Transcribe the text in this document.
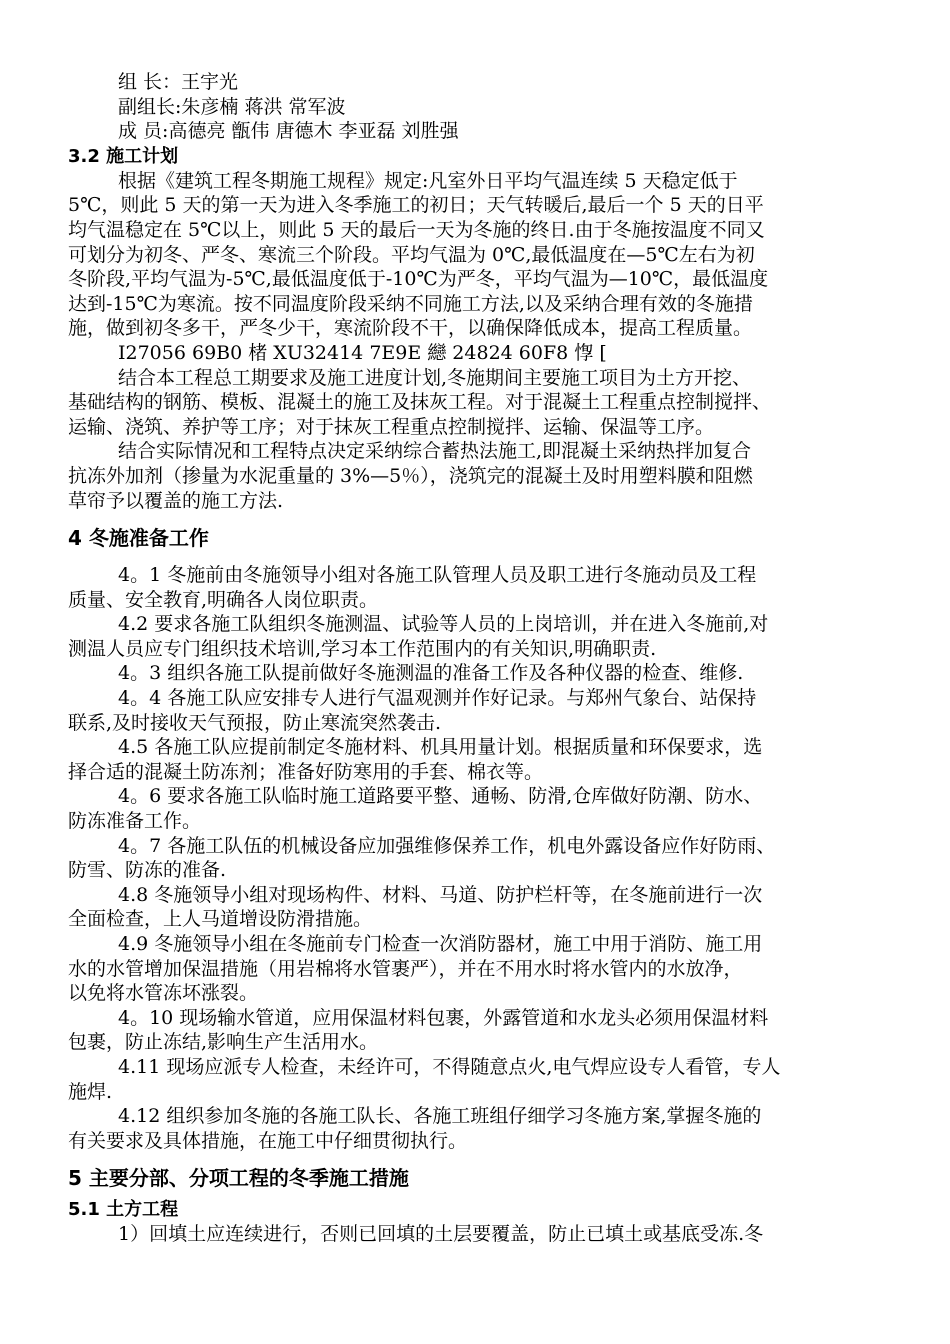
组 长：王宇光
副组长:朱彦楠 蒋洪 常军波
成 员:高德亮 甑伟 唐德木 李亚磊 刘胜强
3.2 施工计划
根据《建筑工程冬期施工规程》规定:凡室外日平均气温连续 5 天稳定低于
5℃，则此 5 天的第一天为进入冬季施工的初日；天气转暖后,最后一个 5 天的日平
均气温稳定在 5℃以上，则此 5 天的最后一天为冬施的终日.由于冬施按温度不同又
可划分为初冬、严冬、寒流三个阶段。平均气温为 0℃,最低温度在—5℃左右为初
冬阶段,平均气温为-5℃,最低温度低于-10℃为严冬，平均气温为—10℃，最低温度
达到-15℃为寒流。按不同温度阶段采纳不同施工方法,以及采纳合理有效的冬施措
施，做到初冬多干，严冬少干，寒流阶段不干，以确保降低成本，提高工程质量。
I27056 69B0 楮 XU32414 7E9E 纞 24824 60F8 惸 [
结合本工程总工期要求及施工进度计划,冬施期间主要施工项目为土方开挖、
基础结构的钢筋、模板、混凝土的施工及抹灰工程。对于混凝土工程重点控制搅拌、
运输、浇筑、养护等工序；对于抹灰工程重点控制搅拌、运输、保温等工序。
结合实际情况和工程特点决定采纳综合蓄热法施工,即混凝土采纳热拌加复合
抗冻外加剂（掺量为水泥重量的 3%—5％），浇筑完的混凝土及时用塑料膜和阻燃
草帘予以覆盖的施工方法.
4 冬施准备工作
4。1 冬施前由冬施领导小组对各施工队管理人员及职工进行冬施动员及工程
质量、安全教育,明确各人岗位职责。
4.2 要求各施工队组织冬施测温、试验等人员的上岗培训，并在进入冬施前,对
测温人员应专门组织技术培训,学习本工作范围内的有关知识,明确职责.
4。3 组织各施工队提前做好冬施测温的准备工作及各种仪器的检查、维修.
4。4 各施工队应安排专人进行气温观测并作好记录。与郑州气象台、站保持
联系,及时接收天气预报，防止寒流突然袭击.
4.5 各施工队应提前制定冬施材料、机具用量计划。根据质量和环保要求，选
择合适的混凝土防冻剂；准备好防寒用的手套、棉衣等。
4。6 要求各施工队临时施工道路要平整、通畅、防滑,仓库做好防潮、防水、
防冻准备工作。
4。7 各施工队伍的机械设备应加强维修保养工作，机电外露设备应作好防雨、
防雪、防冻的准备.
4.8 冬施领导小组对现场构件、材料、马道、防护栏杆等，在冬施前进行一次
全面检查，上人马道增设防滑措施。
4.9 冬施领导小组在冬施前专门检查一次消防器材，施工中用于消防、施工用
水的水管增加保温措施（用岩棉将水管裹严），并在不用水时将水管内的水放净，
以免将水管冻坏涨裂。
4。10 现场输水管道，应用保温材料包裹，外露管道和水龙头必须用保温材料
包裹，防止冻结,影响生产生活用水。
4.11 现场应派专人检查，未经许可，不得随意点火,电气焊应设专人看管，专人
施焊.
4.12 组织参加冬施的各施工队长、各施工班组仔细学习冬施方案,掌握冬施的
有关要求及具体措施，在施工中仔细贯彻执行。
5 主要分部、分项工程的冬季施工措施
5.1 土方工程
1）回填土应连续进行，否则已回填的土层要覆盖，防止已填土或基底受冻.冬
